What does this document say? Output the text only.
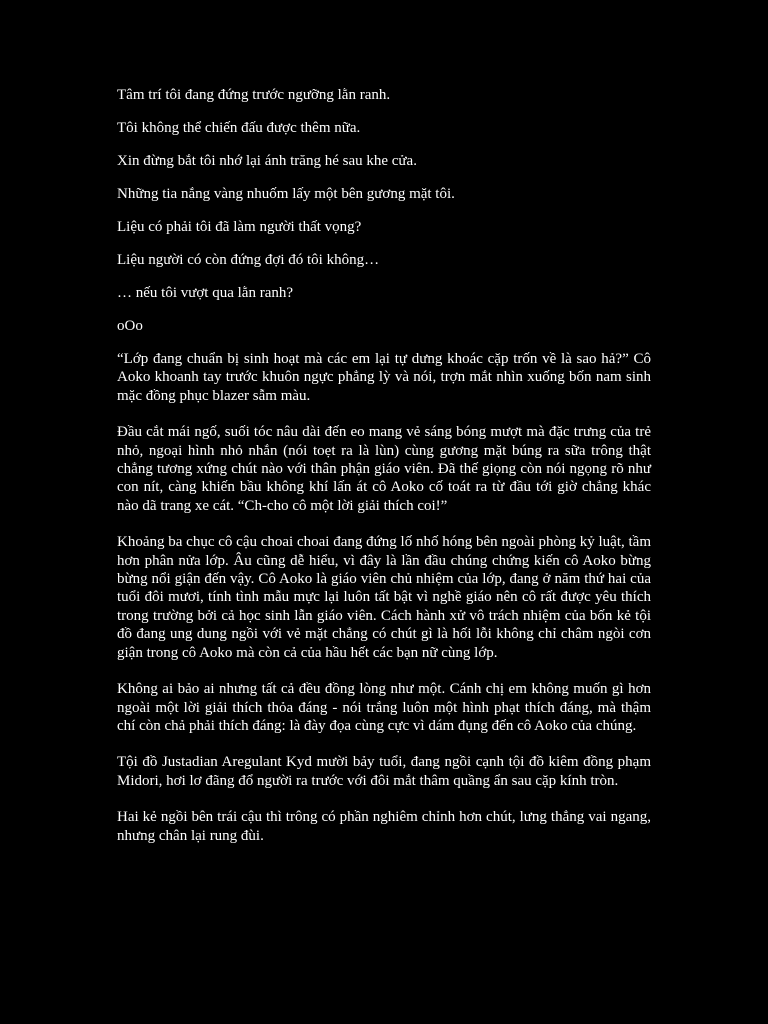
Tâm trí tôi đang đứng trước ngưỡng lằn ranh.

Tôi không thể chiến đấu được thêm nữa.

Xin đừng bắt tôi nhớ lại ánh trăng hé sau khe cửa.

Những tia nắng vàng nhuốm lấy một bên gương mặt tôi.

Liệu có phải tôi đã làm người thất vọng?

Liệu người có còn đứng đợi đó tôi không…

… nếu tôi vượt qua lằn ranh?

oOo

“Lớp đang chuẩn bị sinh hoạt mà các em lại tự dưng khoác cặp trốn về là sao hả?” Cô Aoko khoanh tay trước khuôn ngực phẳng lỳ và nói, trợn mắt nhìn xuống bốn nam sinh mặc đồng phục blazer sẫm màu.

Đầu cắt mái ngố, suối tóc nâu dài đến eo mang vẻ sáng bóng mượt mà đặc trưng của trẻ nhỏ, ngoại hình nhỏ nhắn (nói toẹt ra là lùn) cùng gương mặt búng ra sữa trông thật chẳng tương xứng chút nào với thân phận giáo viên. Đã thế giọng còn nói ngọng rõ như con nít, càng khiến bầu không khí lấn át cô Aoko cố toát ra từ đầu tới giờ chẳng khác nào dã trang xe cát. “Ch-cho cô một lời giải thích coi!”

Khoảng ba chục cô cậu choai choai đang đứng lố nhố hóng bên ngoài phòng kỷ luật, tầm hơn phân nửa lớp. Âu cũng dễ hiểu, vì đây là lần đầu chúng chứng kiến cô Aoko bừng bừng nổi giận đến vậy. Cô Aoko là giáo viên chủ nhiệm của lớp, đang ở năm thứ hai của tuổi đôi mươi, tính tình mẫu mực lại luôn tất bật vì nghề giáo nên cô rất được yêu thích trong trường bởi cả học sinh lẫn giáo viên. Cách hành xử vô trách nhiệm của bốn kẻ tội đồ đang ung dung ngồi với vẻ mặt chẳng có chút gì là hối lỗi không chỉ châm ngòi cơn giận trong cô Aoko mà còn cả của hầu hết các bạn nữ cùng lớp.

Không ai bảo ai nhưng tất cả đều đồng lòng như một. Cánh chị em không muốn gì hơn ngoài một lời giải thích thỏa đáng - nói trắng luôn một hình phạt thích đáng, mà thậm chí còn chả phải thích đáng: là đày đọa cùng cực vì dám đụng đến cô Aoko của chúng.

Tội đồ Justadian Aregulant Kyd mười bảy tuổi, đang ngồi cạnh tội đồ kiêm đồng phạm Midori, hơi lơ đãng đổ người ra trước với đôi mắt thâm quầng ẩn sau cặp kính tròn.

Hai kẻ ngồi bên trái cậu thì trông có phần nghiêm chỉnh hơn chút, lưng thẳng vai ngang, nhưng chân lại rung đùi.
